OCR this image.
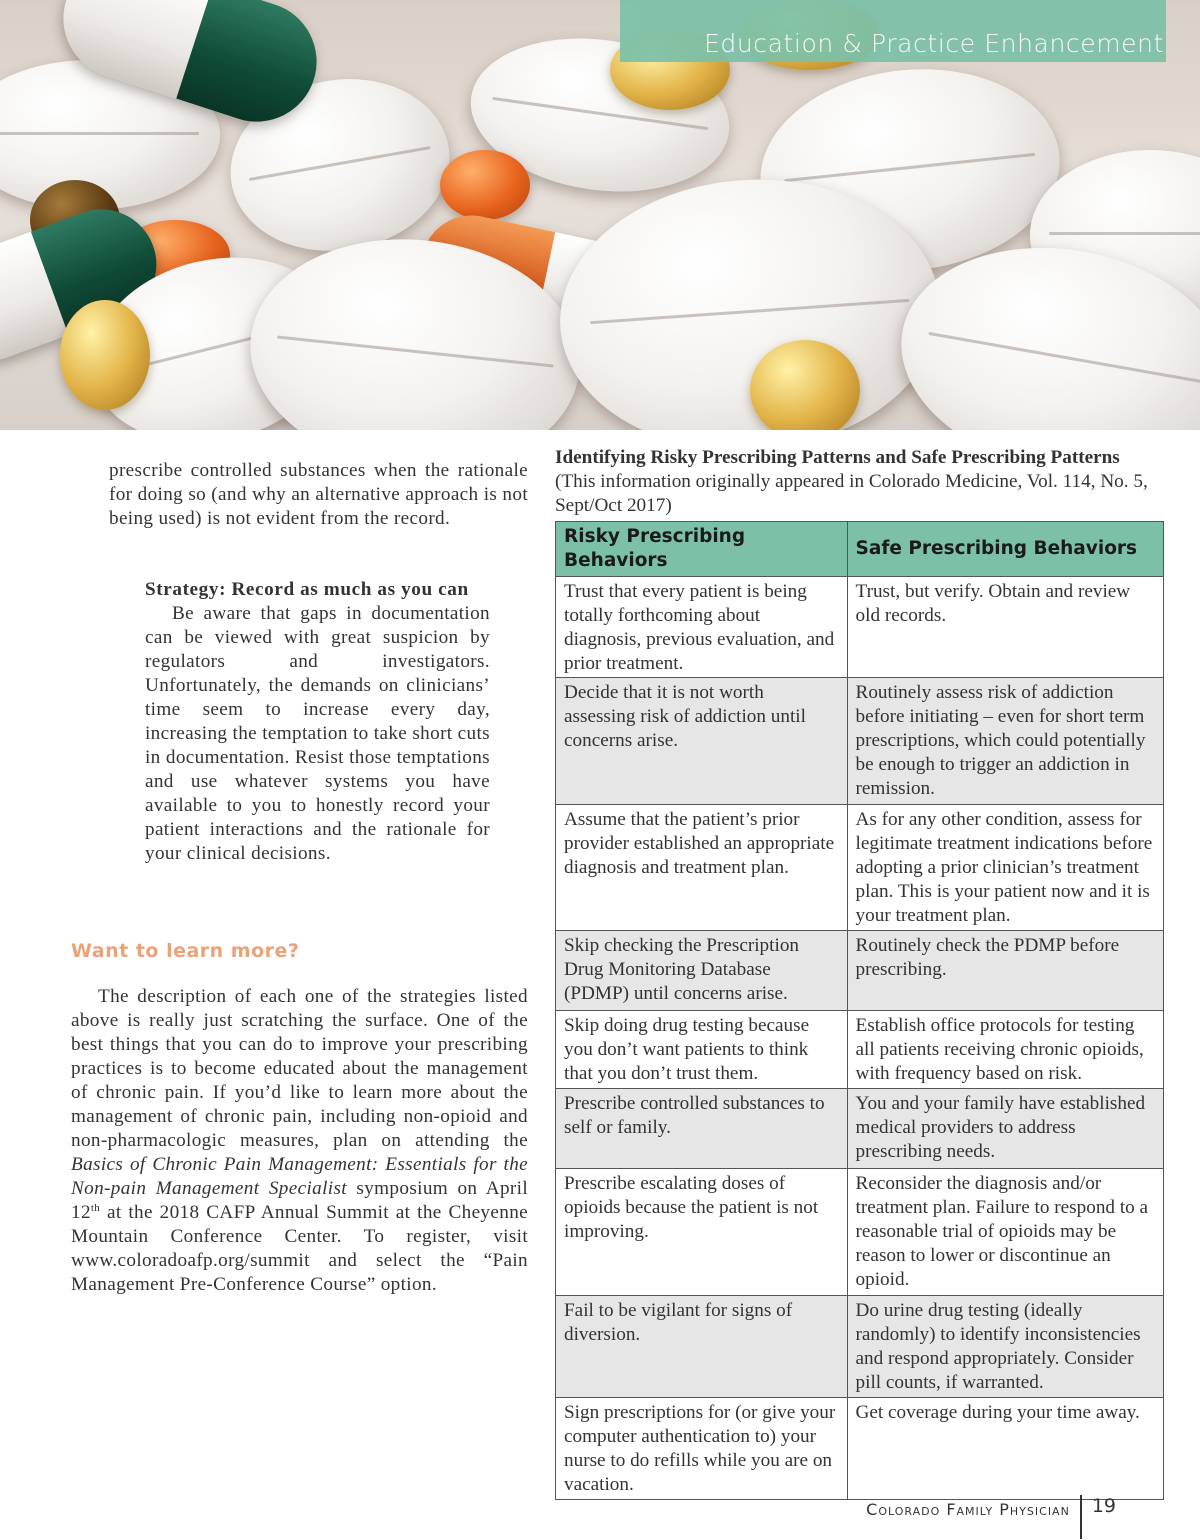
Education & Practice Enhancement

prescribe controlled substances when the rationale for doing so (and why an alternative approach is not being used) is not evident from the record.

Strategy: Record as much as you can

Be aware that gaps in documentation can be viewed with great suspicion by regulators and investigators. Unfortunately, the demands on clinicians’ time seem to increase every day, increasing the temptation to take short cuts in documentation. Resist those temptations and use whatever systems you have available to you to honestly record your patient interactions and the rationale for your clinical decisions.

Want to learn more?

The description of each one of the strategies listed above is really just scratching the surface. One of the best things that you can do to improve your prescribing practices is to become educated about the management of chronic pain. If you’d like to learn more about the management of chronic pain, including non-opioid and non-pharmacologic measures, plan on attending the Basics of Chronic Pain Management: Essentials for the Non-pain Management Specialist symposium on April 12th at the 2018 CAFP Annual Summit at the Cheyenne Mountain Conference Center. To register, visit www.coloradoafp.org/summit and select the “Pain Management Pre-Conference Course” option.

Identifying Risky Prescribing Patterns and Safe Prescribing Patterns
(This information originally appeared in Colorado Medicine, Vol. 114, No. 5, Sept/Oct 2017)
Risky Prescribing Behaviors	Safe Prescribing Behaviors
Trust that every patient is being totally forthcoming about diagnosis, previous evaluation, and prior treatment.	Trust, but verify. Obtain and review old records.
Decide that it is not worth assessing risk of addiction until concerns arise.	Routinely assess risk of addiction before initiating – even for short term prescriptions, which could potentially be enough to trigger an addiction in remission.
Assume that the patient’s prior provider established an appropriate diagnosis and treatment plan.	As for any other condition, assess for legitimate treatment indications before adopting a prior clinician’s treatment plan. This is your patient now and it is your treatment plan.
Skip checking the Prescription Drug Monitoring Database (PDMP) until concerns arise.	Routinely check the PDMP before prescribing.
Skip doing drug testing because you don’t want patients to think that you don’t trust them.	Establish office protocols for testing all patients receiving chronic opioids, with frequency based on risk.
Prescribe controlled substances to self or family.	You and your family have established medical providers to address prescribing needs.
Prescribe escalating doses of opioids because the patient is not improving.	Reconsider the diagnosis and/or treatment plan. Failure to respond to a reasonable trial of opioids may be reason to lower or discontinue an opioid.
Fail to be vigilant for signs of diversion.	Do urine drug testing (ideally randomly) to identify inconsistencies and respond appropriately. Consider pill counts, if warranted.
Sign prescriptions for (or give your computer authentication to) your nurse to do refills while you are on vacation.	Get coverage during your time away.
Colorado Family Physician	19
